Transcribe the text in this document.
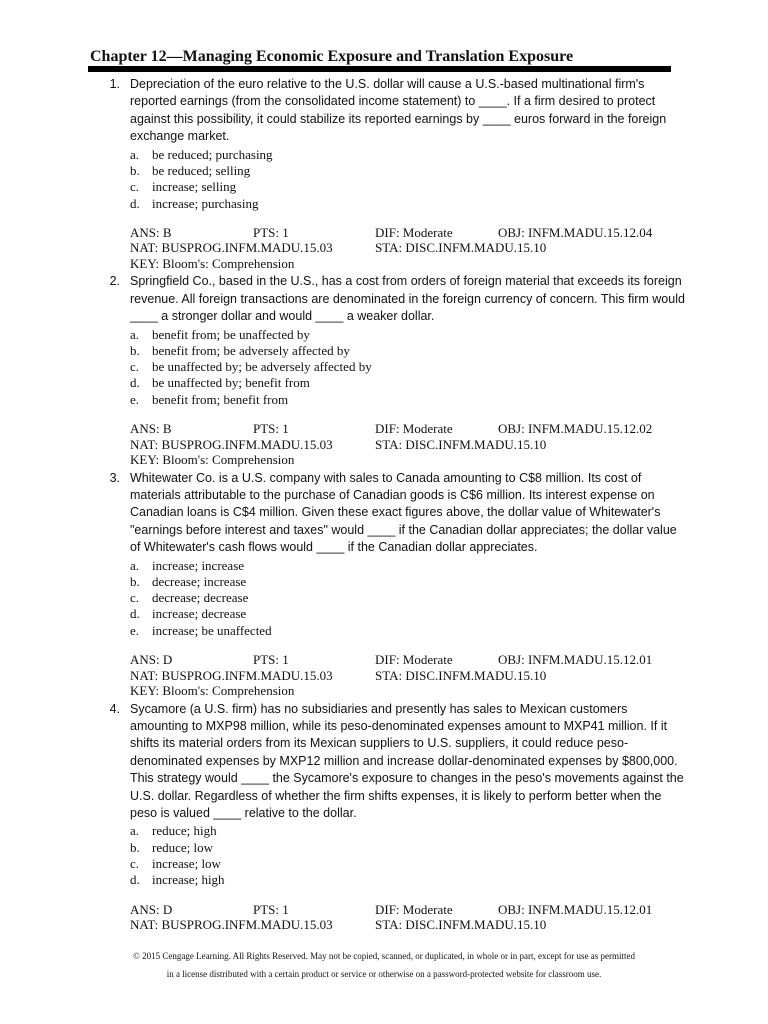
Chapter 12—Managing Economic Exposure and Translation Exposure
1. Depreciation of the euro relative to the U.S. dollar will cause a U.S.-based multinational firm's reported earnings (from the consolidated income statement) to ____. If a firm desired to protect against this possibility, it could stabilize its reported earnings by ____ euros forward in the foreign exchange market.
a. be reduced; purchasing
b. be reduced; selling
c. increase; selling
d. increase; purchasing
ANS: B	PTS: 1	DIF: Moderate	OBJ: INFM.MADU.15.12.04
NAT: BUSPROG.INFM.MADU.15.03	STA: DISC.INFM.MADU.15.10
KEY: Bloom's: Comprehension
2. Springfield Co., based in the U.S., has a cost from orders of foreign material that exceeds its foreign revenue. All foreign transactions are denominated in the foreign currency of concern. This firm would ____ a stronger dollar and would ____ a weaker dollar.
a. benefit from; be unaffected by
b. benefit from; be adversely affected by
c. be unaffected by; be adversely affected by
d. be unaffected by; benefit from
e. benefit from; benefit from
ANS: B	PTS: 1	DIF: Moderate	OBJ: INFM.MADU.15.12.02
NAT: BUSPROG.INFM.MADU.15.03	STA: DISC.INFM.MADU.15.10
KEY: Bloom's: Comprehension
3. Whitewater Co. is a U.S. company with sales to Canada amounting to C$8 million. Its cost of materials attributable to the purchase of Canadian goods is C$6 million. Its interest expense on Canadian loans is C$4 million. Given these exact figures above, the dollar value of Whitewater's "earnings before interest and taxes" would ____ if the Canadian dollar appreciates; the dollar value of Whitewater's cash flows would ____ if the Canadian dollar appreciates.
a. increase; increase
b. decrease; increase
c. decrease; decrease
d. increase; decrease
e. increase; be unaffected
ANS: D	PTS: 1	DIF: Moderate	OBJ: INFM.MADU.15.12.01
NAT: BUSPROG.INFM.MADU.15.03	STA: DISC.INFM.MADU.15.10
KEY: Bloom's: Comprehension
4. Sycamore (a U.S. firm) has no subsidiaries and presently has sales to Mexican customers amounting to MXP98 million, while its peso-denominated expenses amount to MXP41 million. If it shifts its material orders from its Mexican suppliers to U.S. suppliers, it could reduce peso-denominated expenses by MXP12 million and increase dollar-denominated expenses by $800,000. This strategy would ____ the Sycamore's exposure to changes in the peso's movements against the U.S. dollar. Regardless of whether the firm shifts expenses, it is likely to perform better when the peso is valued ____ relative to the dollar.
a. reduce; high
b. reduce; low
c. increase; low
d. increase; high
ANS: D	PTS: 1	DIF: Moderate	OBJ: INFM.MADU.15.12.01
NAT: BUSPROG.INFM.MADU.15.03	STA: DISC.INFM.MADU.15.10
© 2015 Cengage Learning. All Rights Reserved. May not be copied, scanned, or duplicated, in whole or in part, except for use as permitted
in a license distributed with a certain product or service or otherwise on a password-protected website for classroom use.
